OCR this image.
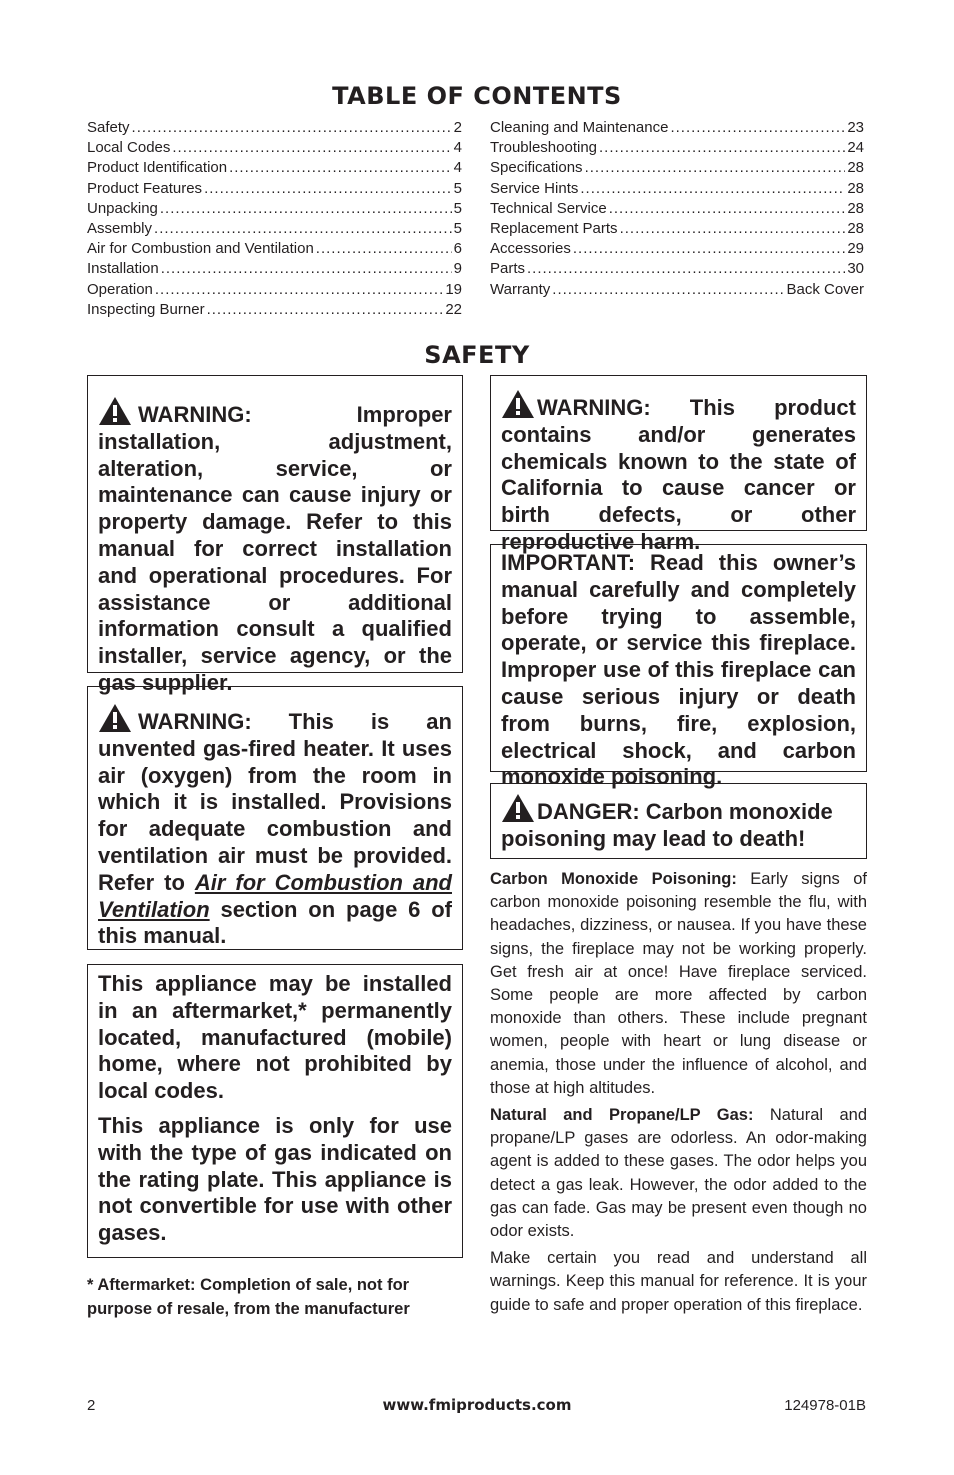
TABLE OF CONTENTS
Safety .....	2
Local Codes .....	4
Product Identification .....	4
Product Features .....	5
Unpacking .....	5
Assembly .....	5
Air for Combustion and Ventilation .....	6
Installation .....	9
Operation .....	19
Inspecting Burner .....	22
Cleaning and Maintenance .....	23
Troubleshooting .....	24
Specifications .....	28
Service Hints .....	28
Technical Service .....	28
Replacement Parts .....	28
Accessories .....	29
Parts .....	30
Warranty .....	Back Cover
SAFETY

WARNING: Improper installation, adjustment, alteration, service, or maintenance can cause injury or property damage. Refer to this manual for correct installation and operational procedures. For assistance or additional information consult a qualified installer, service agency, or the gas supplier.

WARNING: This is an unvented gas-fired heater. It uses air (oxygen) from the room in which it is installed. Provisions for adequate combustion and ventilation air must be provided. Refer to Air for Combustion and Ventilation section on page 6 of this manual.

This appliance may be installed in an aftermarket,* permanently located, manufactured (mobile) home, where not prohibited by local codes.

This appliance is only for use with the type of gas indicated on the rating plate. This appliance is not convertible for use with other gases.

* Aftermarket: Completion of sale, not for purpose of resale, from the manufacturer

WARNING: This product contains and/or generates chemicals known to the state of California to cause cancer or birth defects, or other reproductive harm.

IMPORTANT: Read this owner’s manual carefully and completely before trying to assemble, operate, or service this fireplace. Improper use of this fireplace can cause serious injury or death from burns, fire, explosion, electrical shock, and carbon monoxide poisoning.

DANGER: Carbon monoxide poisoning may lead to death!

Carbon Monoxide Poisoning: Early signs of carbon monoxide poisoning resemble the flu, with headaches, dizziness, or nausea. If you have these signs, the fireplace may not be working properly. Get fresh air at once! Have fireplace serviced. Some people are more affected by carbon monoxide than others. These include pregnant women, people with heart or lung disease or anemia, those under the influence of alcohol, and those at high altitudes.

Natural and Propane/LP Gas: Natural and propane/LP gases are odorless. An odor-making agent is added to these gases. The odor helps you detect a gas leak. However, the odor added to the gas can fade. Gas may be present even though no odor exists.

Make certain you read and understand all warnings. Keep this manual for reference. It is your guide to safe and proper operation of this fireplace.

2	www.fmiproducts.com	124978-01B
